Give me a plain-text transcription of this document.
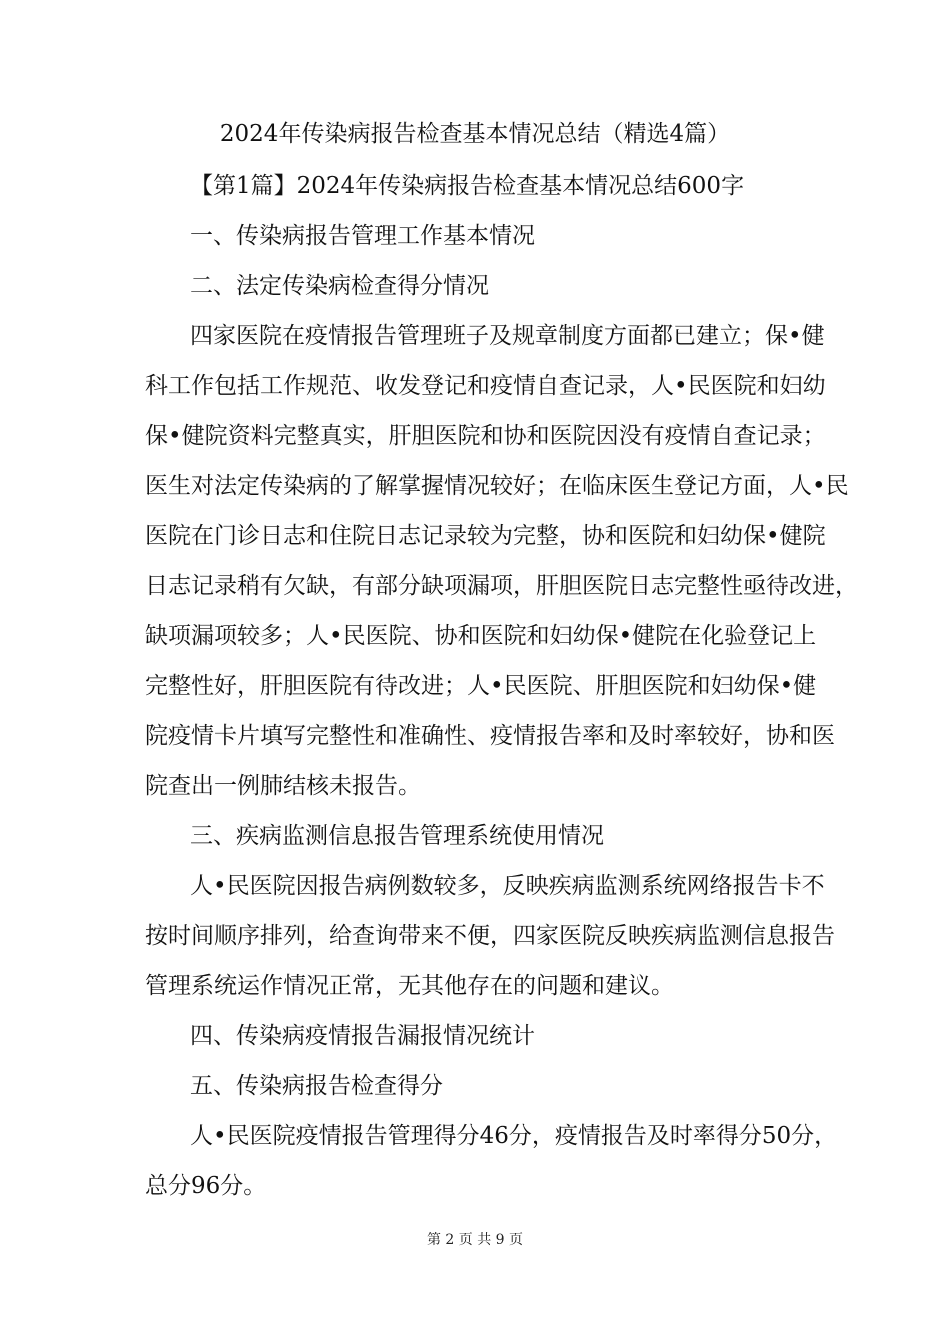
2024年传染病报告检查基本情况总结（精选4篇）
【第1篇】2024年传染病报告检查基本情况总结600字
一、传染病报告管理工作基本情况
二、法定传染病检查得分情况
四家医院在疫情报告管理班子及规章制度方面都已建立；保•健
科工作包括工作规范、收发登记和疫情自查记录，人•民医院和妇幼
保•健院资料完整真实，肝胆医院和协和医院因没有疫情自查记录；
医生对法定传染病的了解掌握情况较好；在临床医生登记方面，人•民
医院在门诊日志和住院日志记录较为完整，协和医院和妇幼保•健院
日志记录稍有欠缺，有部分缺项漏项，肝胆医院日志完整性亟待改进，
缺项漏项较多；人•民医院、协和医院和妇幼保•健院在化验登记上
完整性好，肝胆医院有待改进；人•民医院、肝胆医院和妇幼保•健
院疫情卡片填写完整性和准确性、疫情报告率和及时率较好，协和医
院查出一例肺结核未报告。
三、疾病监测信息报告管理系统使用情况
人•民医院因报告病例数较多，反映疾病监测系统网络报告卡不
按时间顺序排列，给查询带来不便，四家医院反映疾病监测信息报告
管理系统运作情况正常，无其他存在的问题和建议。
四、传染病疫情报告漏报情况统计
五、传染病报告检查得分
人•民医院疫情报告管理得分46分，疫情报告及时率得分50分，
总分96分。
第 2 页 共 9 页
